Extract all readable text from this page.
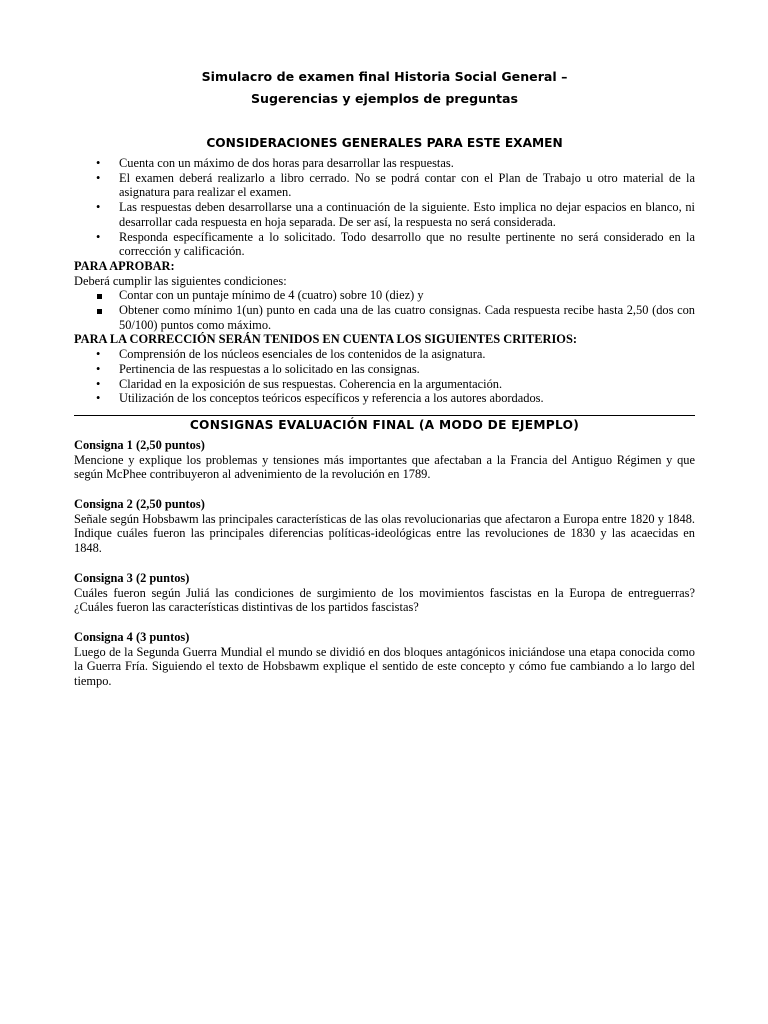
Simulacro de examen final Historia Social General –

Sugerencias y ejemplos de preguntas

CONSIDERACIONES GENERALES PARA ESTE EXAMEN

•	Cuenta con un máximo de dos horas para desarrollar las respuestas.
•	El examen deberá realizarlo a libro cerrado. No se podrá contar con el Plan de Trabajo u otro material de la asignatura para realizar el examen.
•	Las respuestas deben desarrollarse una a continuación de la siguiente. Esto implica no dejar espacios en blanco, ni desarrollar cada respuesta en hoja separada. De ser así, la respuesta no será considerada.
•	Responda específicamente a lo solicitado. Todo desarrollo que no resulte pertinente no será considerado en la corrección y calificación.

PARA APROBAR:

Deberá cumplir las siguientes condiciones:

Contar con un puntaje mínimo de 4 (cuatro) sobre 10 (diez) y
Obtener como mínimo 1(un) punto en cada una de las cuatro consignas. Cada respuesta recibe hasta 2,50 (dos con 50/100) puntos como máximo.

PARA LA CORRECCIÓN SERÁN TENIDOS EN CUENTA LOS SIGUIENTES CRITERIOS:

•	Comprensión de los núcleos esenciales de los contenidos de la asignatura.
•	Pertinencia de las respuestas a lo solicitado en las consignas.
•	Claridad en la exposición de sus respuestas. Coherencia en la argumentación.
•	Utilización de los conceptos teóricos específicos y referencia a los autores abordados.

CONSIGNAS EVALUACIÓN FINAL (A MODO DE EJEMPLO)

Consigna 1 (2,50 puntos)

Mencione y explique los problemas y tensiones más importantes que afectaban a la Francia del Antiguo Régimen y que según McPhee contribuyeron al advenimiento de la revolución en 1789.

Consigna 2 (2,50 puntos)

Señale según Hobsbawm las principales características de las olas revolucionarias que afectaron a Europa entre 1820 y 1848. Indique cuáles fueron las principales diferencias políticas-ideológicas entre las revoluciones de 1830 y las acaecidas en 1848.

Consigna 3 (2 puntos)

Cuáles fueron según Juliá las condiciones de surgimiento de los movimientos fascistas en la Europa de entreguerras? ¿Cuáles fueron las características distintivas de los partidos fascistas?

Consigna 4 (3 puntos)

Luego de la Segunda Guerra Mundial el mundo se dividió en dos bloques antagónicos iniciándose una etapa conocida como la Guerra Fría. Siguiendo el texto de Hobsbawm explique el sentido de este concepto y cómo fue cambiando a lo largo del tiempo.
